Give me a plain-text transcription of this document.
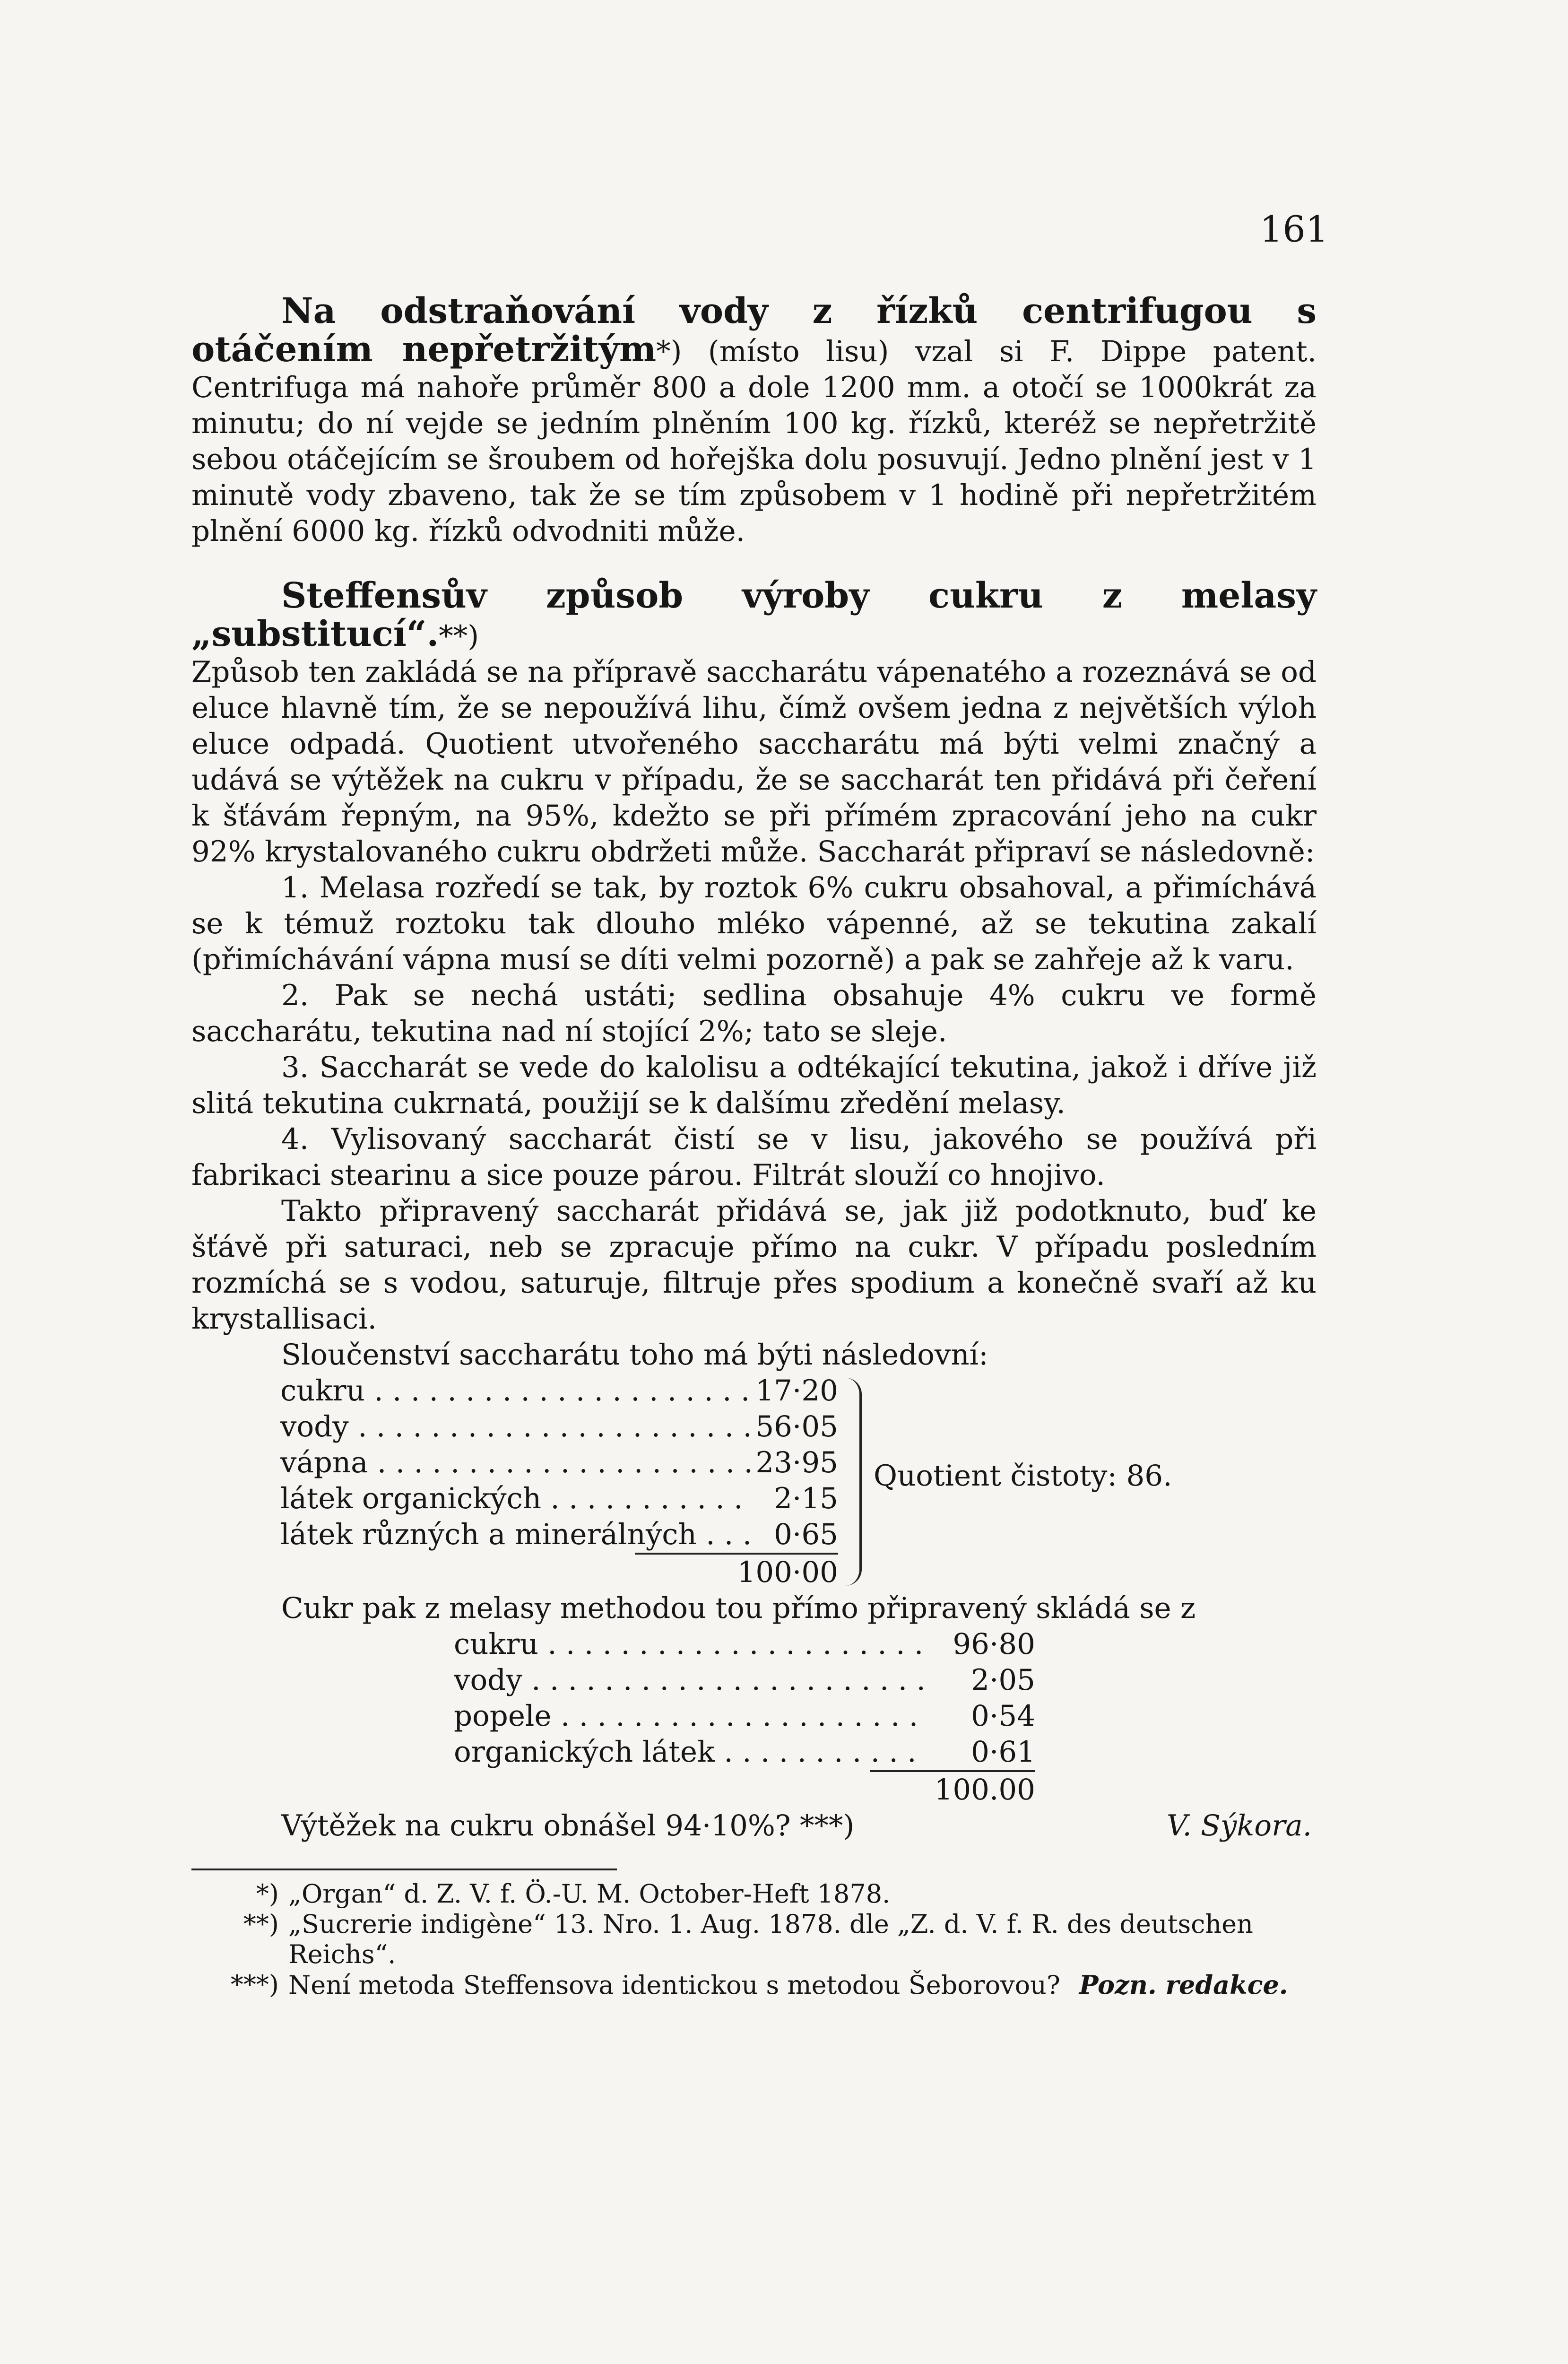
161

Na odstraňování vody z řízků centrifugou s otáčením nepřetržitým*) (místo lisu) vzal si F. Dippe patent. Centrifuga má nahoře průměr 800 a dole 1200 mm. a otočí se 1000krát za minutu; do ní vejde se jedním plněním 100 kg. řízků, kteréž se nepřetržitě sebou otáčejícím se šroubem od hořejška dolu posuvují. Jedno plnění jest v 1 minutě vody zbaveno, tak že se tím způsobem v 1 hodině při nepřetržitém plnění 6000 kg. řízků odvodniti může.

Steffensův způsob výroby cukru z melasy „substitucí“.**)

Způsob ten zakládá se na přípravě saccharátu vápenatého a rozeznává se od eluce hlavně tím, že se nepoužívá lihu, čímž ovšem jedna z největších výloh eluce odpadá. Quotient utvořeného saccharátu má býti velmi značný a udává se výtěžek na cukru v případu, že se saccharát ten přidává při čeření k šťávám řepným, na 95%, kdežto se při přímém zpracování jeho na cukr 92% krystalovaného cukru obdržeti může. Saccharát připraví se následovně:

1. Melasa rozředí se tak, by roztok 6% cukru obsahoval, a přimíchává se k témuž roztoku tak dlouho mléko vápenné, až se tekutina zakalí (přimíchávání vápna musí se díti velmi pozorně) a pak se zahřeje až k varu.

2. Pak se nechá ustáti; sedlina obsahuje 4% cukru ve formě saccharátu, tekutina nad ní stojící 2%; tato se sleje.

3. Saccharát se vede do kalolisu a odtékající tekutina, jakož i dříve již slitá tekutina cukrnatá, použijí se k dalšímu zředění melasy.

4. Vylisovaný saccharát čistí se v lisu, jakového se používá při fabrikaci stearinu a sice pouze párou. Filtrát slouží co hnojivo.

Takto připravený saccharát přidává se, jak již podotknuto, buď ke šťávě při saturaci, neb se zpracuje přímo na cukr. V případu posledním rozmíchá se s vodou, saturuje, filtruje přes spodium a konečně svaří až ku krystallisaci.

Sloučenství saccharátu toho má býti následovní:

cukru . . .	17·20
vody . . .	56·05
vápna . . .	23·95
látek organických . . .	2·15
látek různých a minerálných . . .	0·65
100·00
Quotient čistoty: 86.

Cukr pak z melasy methodou tou přímo připravený skládá se z

cukru . . .	96·80
vody . . .	2·05
popele . . .	0·54
organických látek . . .	0·61
100.00
Výtěžek na cukru obnášel 94·10%? ***)	V. Sýkora.
*) „Organ“ d. Z. V. f. Ö.-U. M. October-Heft 1878.
**) „Sucrerie indigène“ 13. Nro. 1. Aug. 1878. dle „Z. d. V. f. R. des deutschen Reichs“.
***) Není metoda Steffensova identickou s metodou Šeborovou? Pozn. redakce.
